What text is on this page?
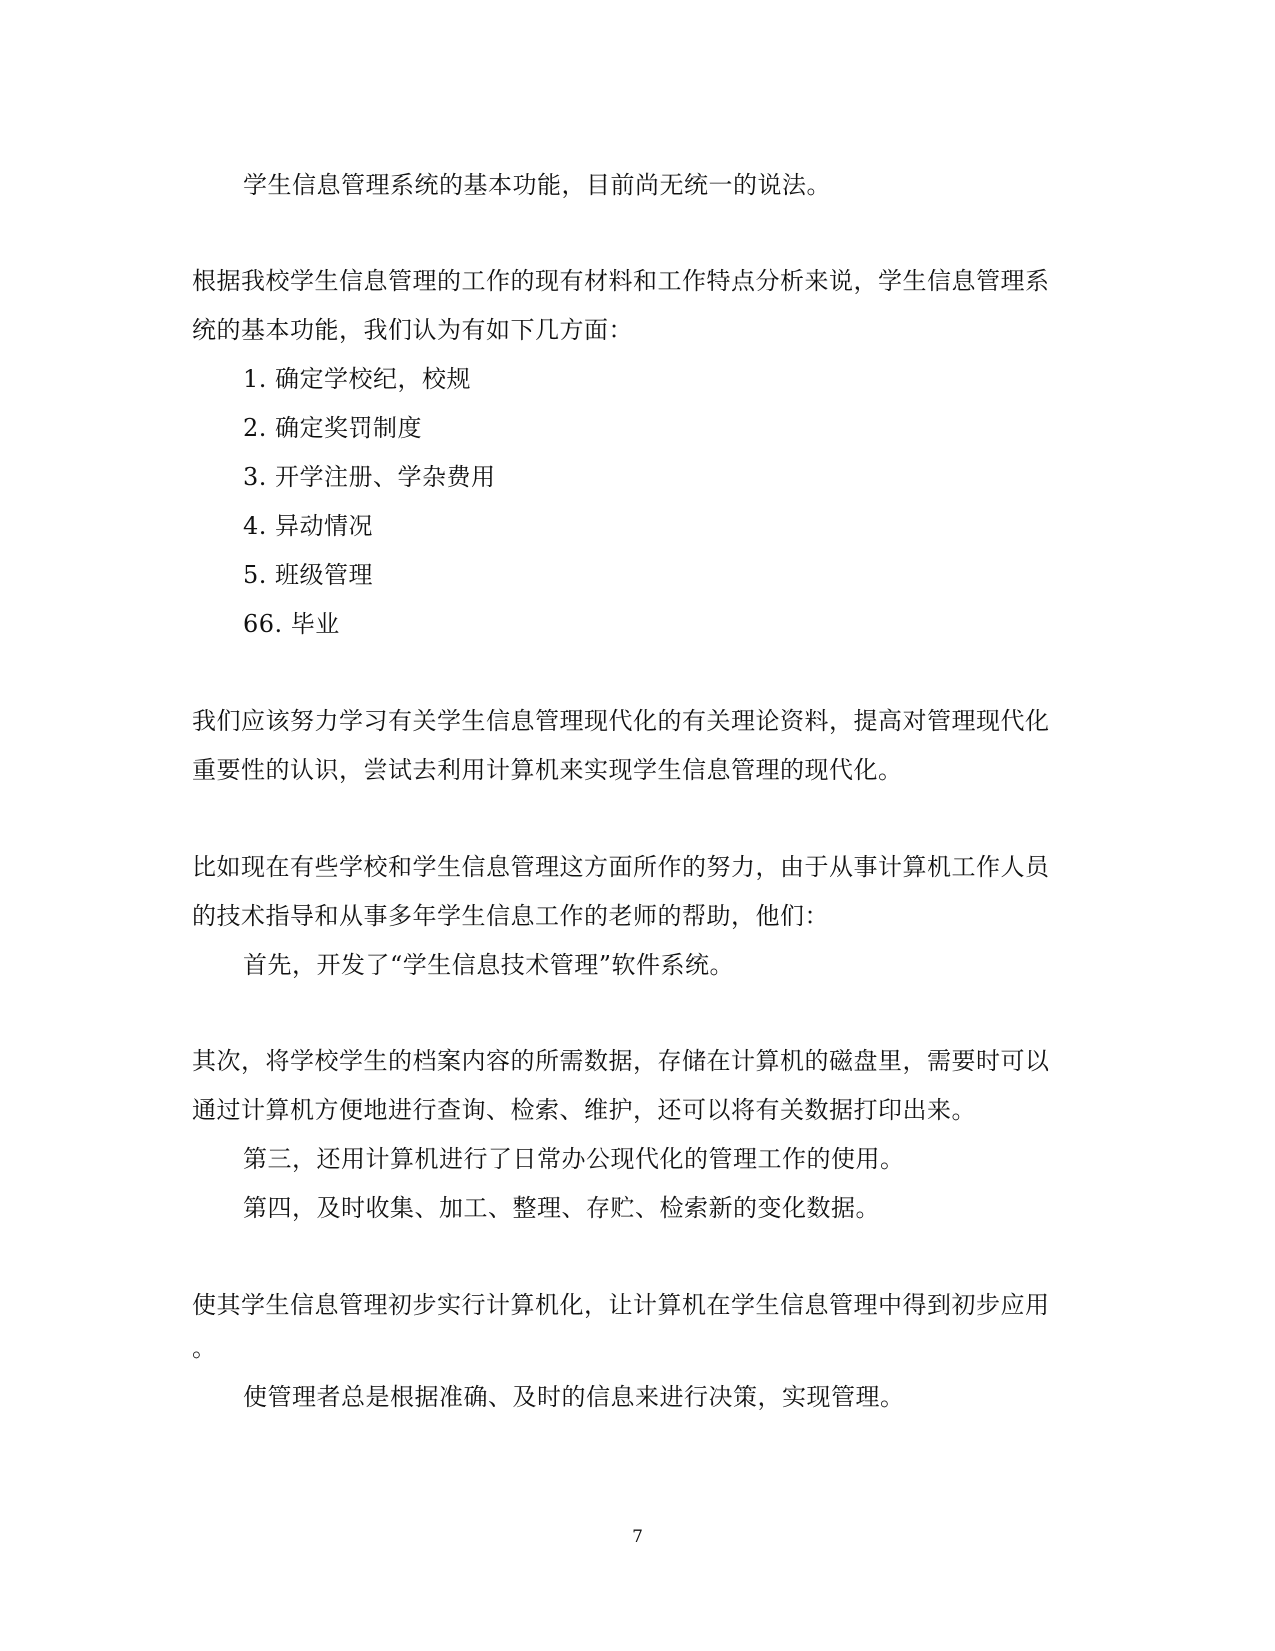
学生信息管理系统的基本功能，目前尚无统一的说法。
根据我校学生信息管理的工作的现有材料和工作特点分析来说，学生信息管理系
统的基本功能，我们认为有如下几方面：
1. 确定学校纪，校规
2. 确定奖罚制度
3. 开学注册、学杂费用
4. 异动情况
5. 班级管理
66. 毕业
我们应该努力学习有关学生信息管理现代化的有关理论资料，提高对管理现代化
重要性的认识，尝试去利用计算机来实现学生信息管理的现代化。
比如现在有些学校和学生信息管理这方面所作的努力，由于从事计算机工作人员
的技术指导和从事多年学生信息工作的老师的帮助，他们：
首先，开发了“学生信息技术管理”软件系统。
其次，将学校学生的档案内容的所需数据，存储在计算机的磁盘里，需要时可以
通过计算机方便地进行查询、检索、维护，还可以将有关数据打印出来。
第三，还用计算机进行了日常办公现代化的管理工作的使用。
第四，及时收集、加工、整理、存贮、检索新的变化数据。
使其学生信息管理初步实行计算机化，让计算机在学生信息管理中得到初步应用
。
使管理者总是根据准确、及时的信息来进行决策，实现管理。
7
